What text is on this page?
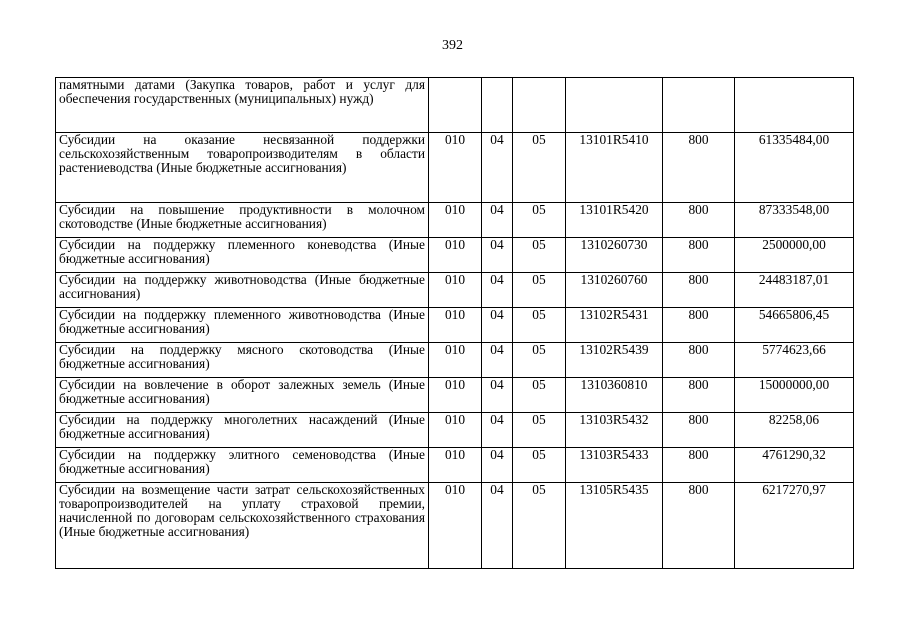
392
памятными датами (Закупка товаров, работ и услуг для обеспечения государственных (муниципальных) нужд)						
Субсидии на оказание несвязанной поддержки сельскохозяйственным товаропроизводителям в области растениеводства (Иные бюджетные ассигнования)	010	04	05	13101R5410	800	61335484,00
Субсидии на повышение продуктивности в молочном скотоводстве (Иные бюджетные ассигнования)	010	04	05	13101R5420	800	87333548,00
Субсидии на поддержку племенного коневодства (Иные бюджетные ассигнования)	010	04	05	1310260730	800	2500000,00
Субсидии на поддержку животноводства (Иные бюджетные ассигнования)	010	04	05	1310260760	800	24483187,01
Субсидии на поддержку племенного животноводства (Иные бюджетные ассигнования)	010	04	05	13102R5431	800	54665806,45
Субсидии на поддержку мясного скотоводства (Иные бюджетные ассигнования)	010	04	05	13102R5439	800	5774623,66
Субсидии на вовлечение в оборот залежных земель (Иные бюджетные ассигнования)	010	04	05	1310360810	800	15000000,00
Субсидии на поддержку многолетних насаждений (Иные бюджетные ассигнования)	010	04	05	13103R5432	800	82258,06
Субсидии на поддержку элитного семеноводства (Иные бюджетные ассигнования)	010	04	05	13103R5433	800	4761290,32
Субсидии на возмещение части затрат сельскохозяйственных товаропроизводителей на уплату страховой премии, начисленной по договорам сельскохозяйственного страхования (Иные бюджетные ассигнования)	010	04	05	13105R5435	800	6217270,97
